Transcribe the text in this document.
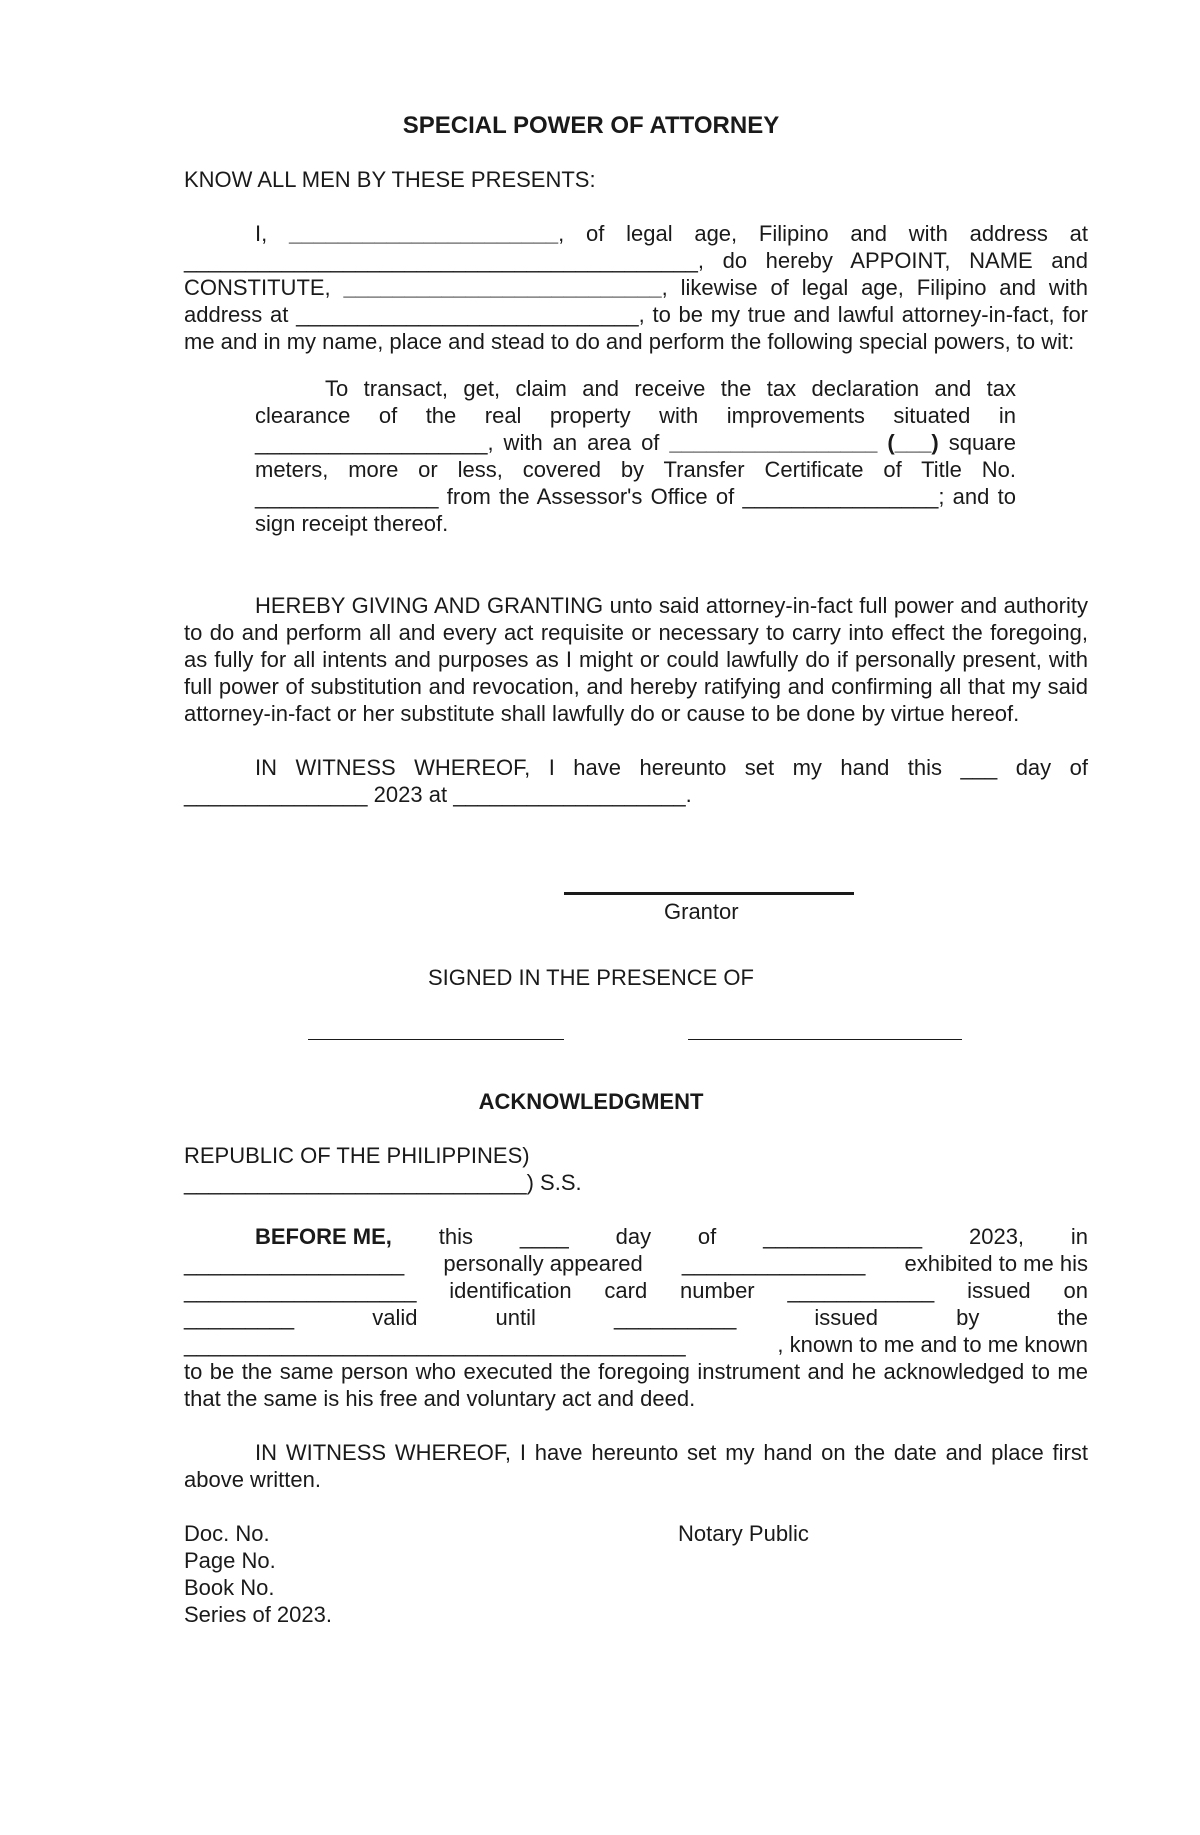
SPECIAL POWER OF ATTORNEY
KNOW ALL MEN BY THESE PRESENTS:

I, ______________________, of legal age, Filipino and with address at __________________________________________, do hereby APPOINT, NAME and CONSTITUTE, __________________________, likewise of legal age, Filipino and with address at ____________________________, to be my true and lawful attorney-in-fact, for me and in my name, place and stead to do and perform the following special powers, to wit:

To transact, get, claim and receive the tax declaration and tax clearance of the real property with improvements situated in ___________________, with an area of _________________ (___) square meters, more or less, covered by Transfer Certificate of Title No. _______________ from the Assessor's Office of ________________; and to sign receipt thereof.

HEREBY GIVING AND GRANTING unto said attorney-in-fact full power and authority to do and perform all and every act requisite or necessary to carry into effect the foregoing, as fully for all intents and purposes as I might or could lawfully do if personally present, with full power of substitution and revocation, and hereby ratifying and confirming all that my said attorney-in-fact or her substitute shall lawfully do or cause to be done by virtue hereof.

IN WITNESS WHEREOF, I have hereunto set my hand this ___ day of _______________ 2023 at ___________________.

Grantor

SIGNED IN THE PRESENCE OF

ACKNOWLEDGMENT

REPUBLIC OF THE PHILIPPINES)

____________________________) S.S.

BEFORE ME, this ____ day of _____________ 2023, in
__________________ personally appeared _______________ exhibited to me his
___________________ identification card number ____________ issued on
_________	valid	until	__________	issued	by	the
_________________________________________	, known to me and to me known

to be the same person who executed the foregoing instrument and he acknowledged to me that the same is his free and voluntary act and deed.

IN WITNESS WHEREOF, I have hereunto set my hand on the date and place first above written.

Doc. No.
Page No.
Book No.
Series of 2023.
Notary Public
